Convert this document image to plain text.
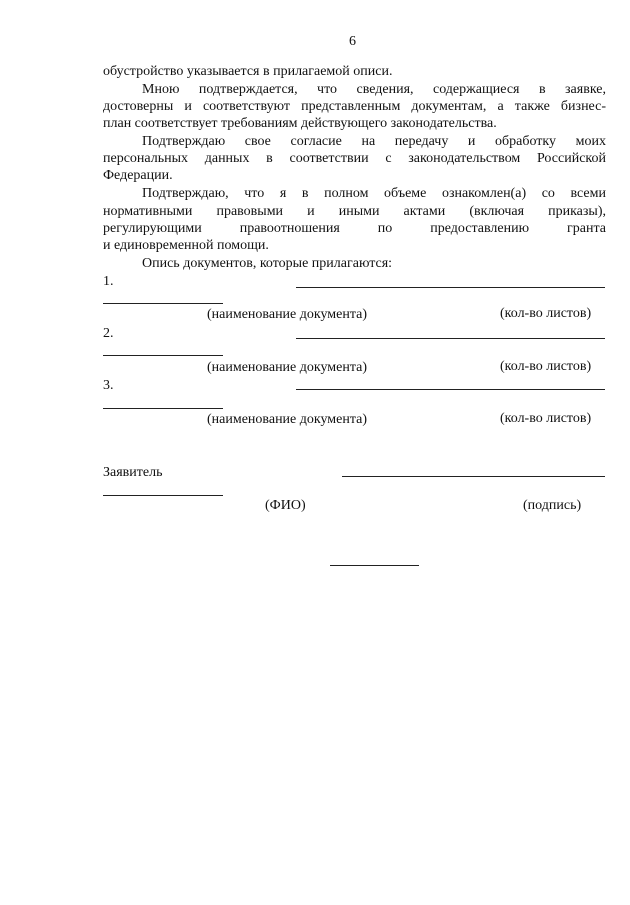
6
обустройство указывается в прилагаемой описи.
Мною подтверждается, что сведения, содержащиеся в заявке,
достоверны и соответствуют представленным документам, а также бизнес-
план соответствует требованиям действующего законодательства.
Подтверждаю свое согласие на передачу и обработку моих
персональных данных в соответствии с законодательством Российской
Федерации.
Подтверждаю, что я в полном объеме ознакомлен(а) со всеми
нормативными правовыми и иными актами (включая приказы),
регулирующими правоотношения по предоставлению гранта
и единовременной помощи.
Опись документов, которые прилагаются:
1.
(наименование документа)	(кол-во листов)
2.
(наименование документа)	(кол-во листов)
3.
(наименование документа)	(кол-во листов)
Заявитель
(ФИО)	(подпись)
